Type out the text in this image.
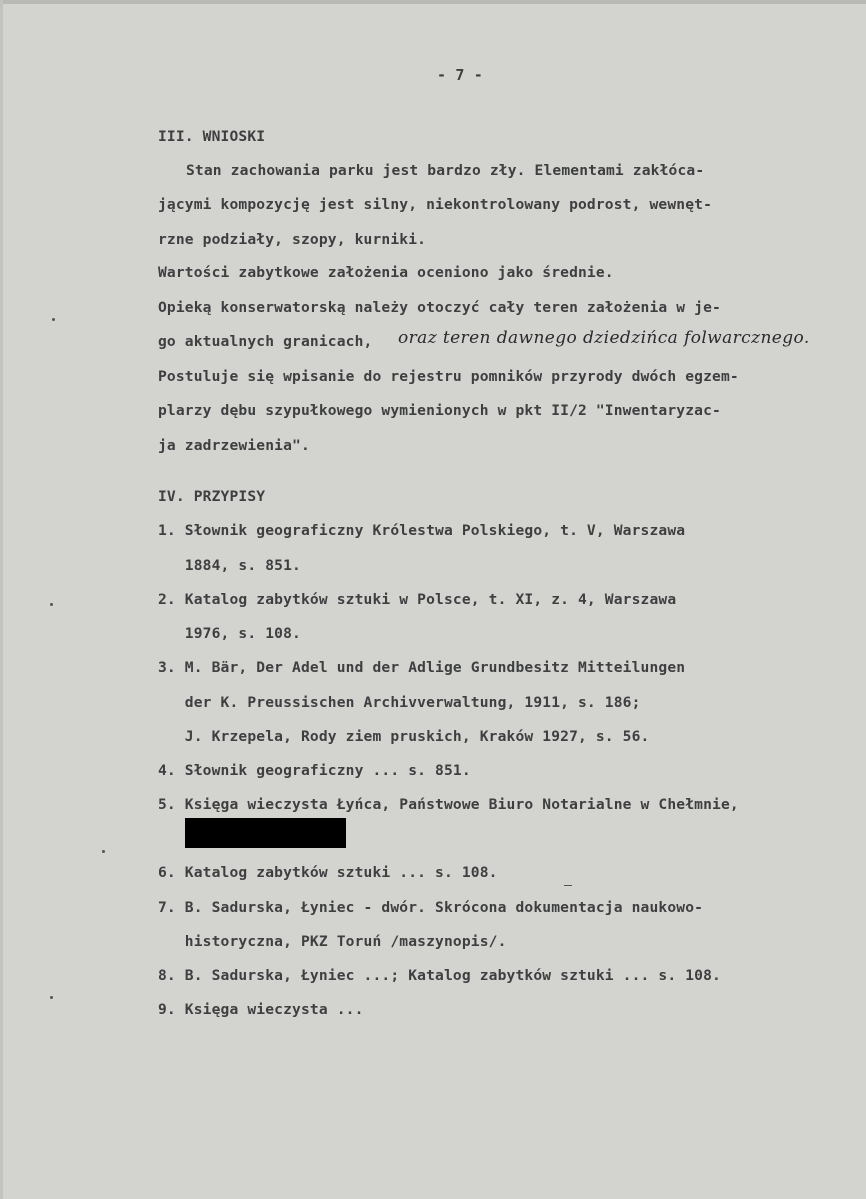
- 7 -
III. WNIOSKI
Stan zachowania parku jest bardzo zły. Elementami zakłóca-
jącymi kompozycję jest silny, niekontrolowany podrost, wewnęt-
rzne podziały, szopy, kurniki.
Wartości zabytkowe założenia oceniono jako średnie.
Opieką konserwatorską należy otoczyć cały teren założenia w je-
go aktualnych granicach, oraz teren dawnego dziedzińca folwarcznego.
Postuluje się wpisanie do rejestru pomników przyrody dwóch egzem-
plarzy dębu szypułkowego wymienionych w pkt II/2 "Inwentaryzac-
ja zadrzewienia".
IV. PRZYPISY
1. Słownik geograficzny Królestwa Polskiego, t. V, Warszawa
1884, s. 851.
2. Katalog zabytków sztuki w Polsce, t. XI, z. 4, Warszawa
1976, s. 108.
3. M. Bär, Der Adel und der Adlige Grundbesitz Mitteilungen
der K. Preussischen Archivverwaltung, 1911, s. 186;
J. Krzepela, Rody ziem pruskich, Kraków 1927, s. 56.
4. Słownik geograficzny ... s. 851.
5. Księga wieczysta Łyńca, Państwowe Biuro Notarialne w Chełmnie,
6. Katalog zabytków sztuki ... s. 108.
7. B. Sadurska, Łyniec - dwór. Skrócona dokumentacja naukowo-
historyczna, PKZ Toruń /maszynopis/.
8. B. Sadurska, Łyniec ...; Katalog zabytków sztuki ... s. 108.
9. Księga wieczysta ...
